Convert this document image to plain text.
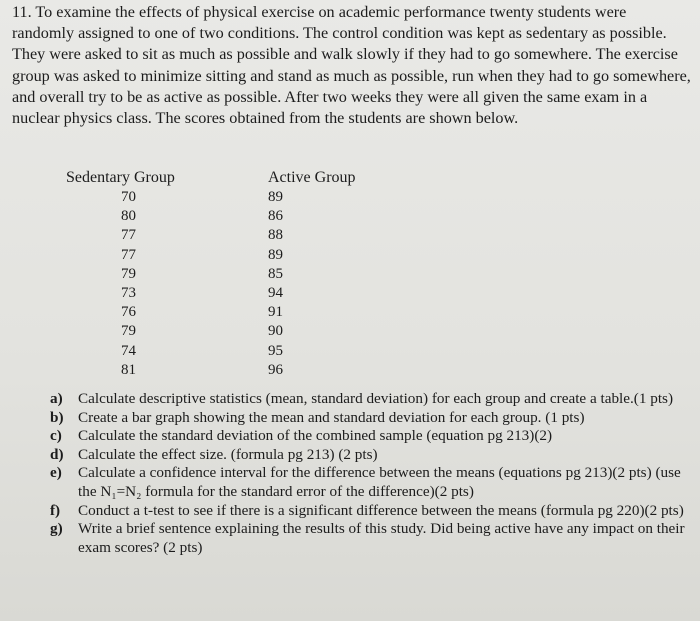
11. To examine the effects of physical exercise on academic performance twenty students were randomly assigned to one of two conditions. The control condition was kept as sedentary as possible. They were asked to sit as much as possible and walk slowly if they had to go somewhere. The exercise group was asked to minimize sitting and stand as much as possible, run when they had to go somewhere, and overall try to be as active as possible. After two weeks they were all given the same exam in a nuclear physics class. The scores obtained from the students are shown below.

Sedentary Group
70
80
77
77
79
73
76
79
74
81
Active Group
89
86
88
89
85
94
91
90
95
96
a) Calculate descriptive statistics (mean, standard deviation) for each group and create a table.(1 pts)
b) Create a bar graph showing the mean and standard deviation for each group. (1 pts)
c) Calculate the standard deviation of the combined sample (equation pg 213)(2)
d) Calculate the effect size. (formula pg 213) (2 pts)
e) Calculate a confidence interval for the difference between the means (equations pg 213)(2 pts) (use the N₁=N₂ formula for the standard error of the difference)(2 pts)
f) Conduct a t-test to see if there is a significant difference between the means (formula pg 220)(2 pts)
g) Write a brief sentence explaining the results of this study. Did being active have any impact on their exam scores? (2 pts)
